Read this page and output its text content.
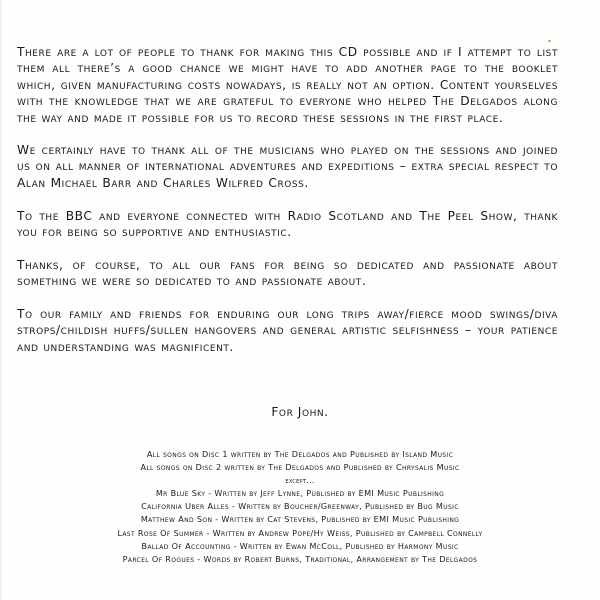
There are a lot of people to thank for making this CD possible and if I attempt to list them all there’s a good chance we might have to add another page to the booklet which, given manufacturing costs nowadays, is really not an option. Content yourselves with the knowledge that we are grateful to everyone who helped The Delgados along the way and made it possible for us to record these sessions in the first place.

We certainly have to thank all of the musicians who played on the sessions and joined us on all manner of international adventures and expeditions – extra special respect to Alan Michael Barr and Charles Wilfred Cross.

To the BBC and everyone connected with Radio Scotland and The Peel Show, thank you for being so supportive and enthusiastic.

Thanks, of course, to all our fans for being so dedicated and passionate about something we were so dedicated to and passionate about.

To our family and friends for enduring our long trips away/fierce mood swings/diva strops/childish huffs/sullen hangovers and general artistic selfishness – your patience and understanding was magnificent.

For John.
All songs on Disc 1 written by The Delgados and Published by Island Music
All songs on Disc 2 written by The Delgados and Published by Chrysalis Music
except...
Mr Blue Sky - Written by Jeff Lynne, Published by EMI Music Publishing
California Uber Alles - Written by Boucher/Greenway, Published by Bug Music
Matthew And Son - Written by Cat Stevens, Published by EMI Music Publishing
Last Rose Of Summer - Written by Andrew Pope/Hy Weiss, Published by Campbell Connelly
Ballad Of Accounting - Written by Ewan McColl, Published by Harmony Music
Parcel Of Rogues - Words by Robert Burns, Traditional, Arrangement by The Delgados
